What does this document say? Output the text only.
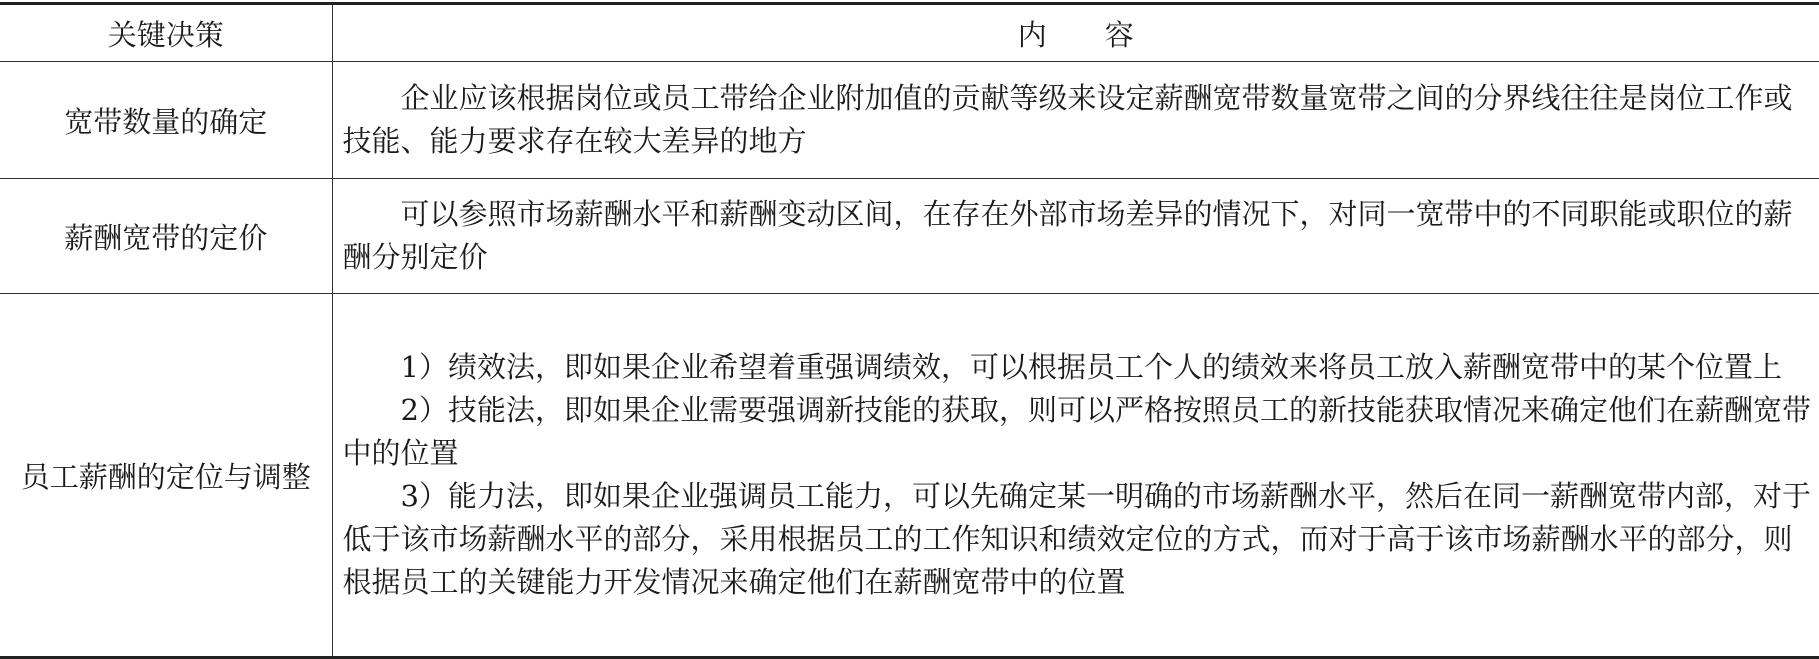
关键决策	内容
宽带数量的确定	企业应该根据岗位或员工带给企业附加值的贡献等级来设定薪酬宽带数量宽带之间的分界线往往是岗位工作或技能、能力要求存在较大差异的地方

薪酬宽带的定价	可以参照市场薪酬水平和薪酬变动区间，在存在外部市场差异的情况下，对同一宽带中的不同职能或职位的薪酬分别定价

员工薪酬的定位与调整	1）绩效法，即如果企业希望着重强调绩效，可以根据员工个人的绩效来将员工放入薪酬宽带中的某个位置上
2）技能法，即如果企业需要强调新技能的获取，则可以严格按照员工的新技能获取情况来确定他们在薪酬宽带中的位置
3）能力法，即如果企业强调员工能力，可以先确定某一明确的市场薪酬水平，然后在同一薪酬宽带内部，对于低于该市场薪酬水平的部分，采用根据员工的工作知识和绩效定位的方式，而对于高于该市场薪酬水平的部分，则根据员工的关键能力开发情况来确定他们在薪酬宽带中的位置
